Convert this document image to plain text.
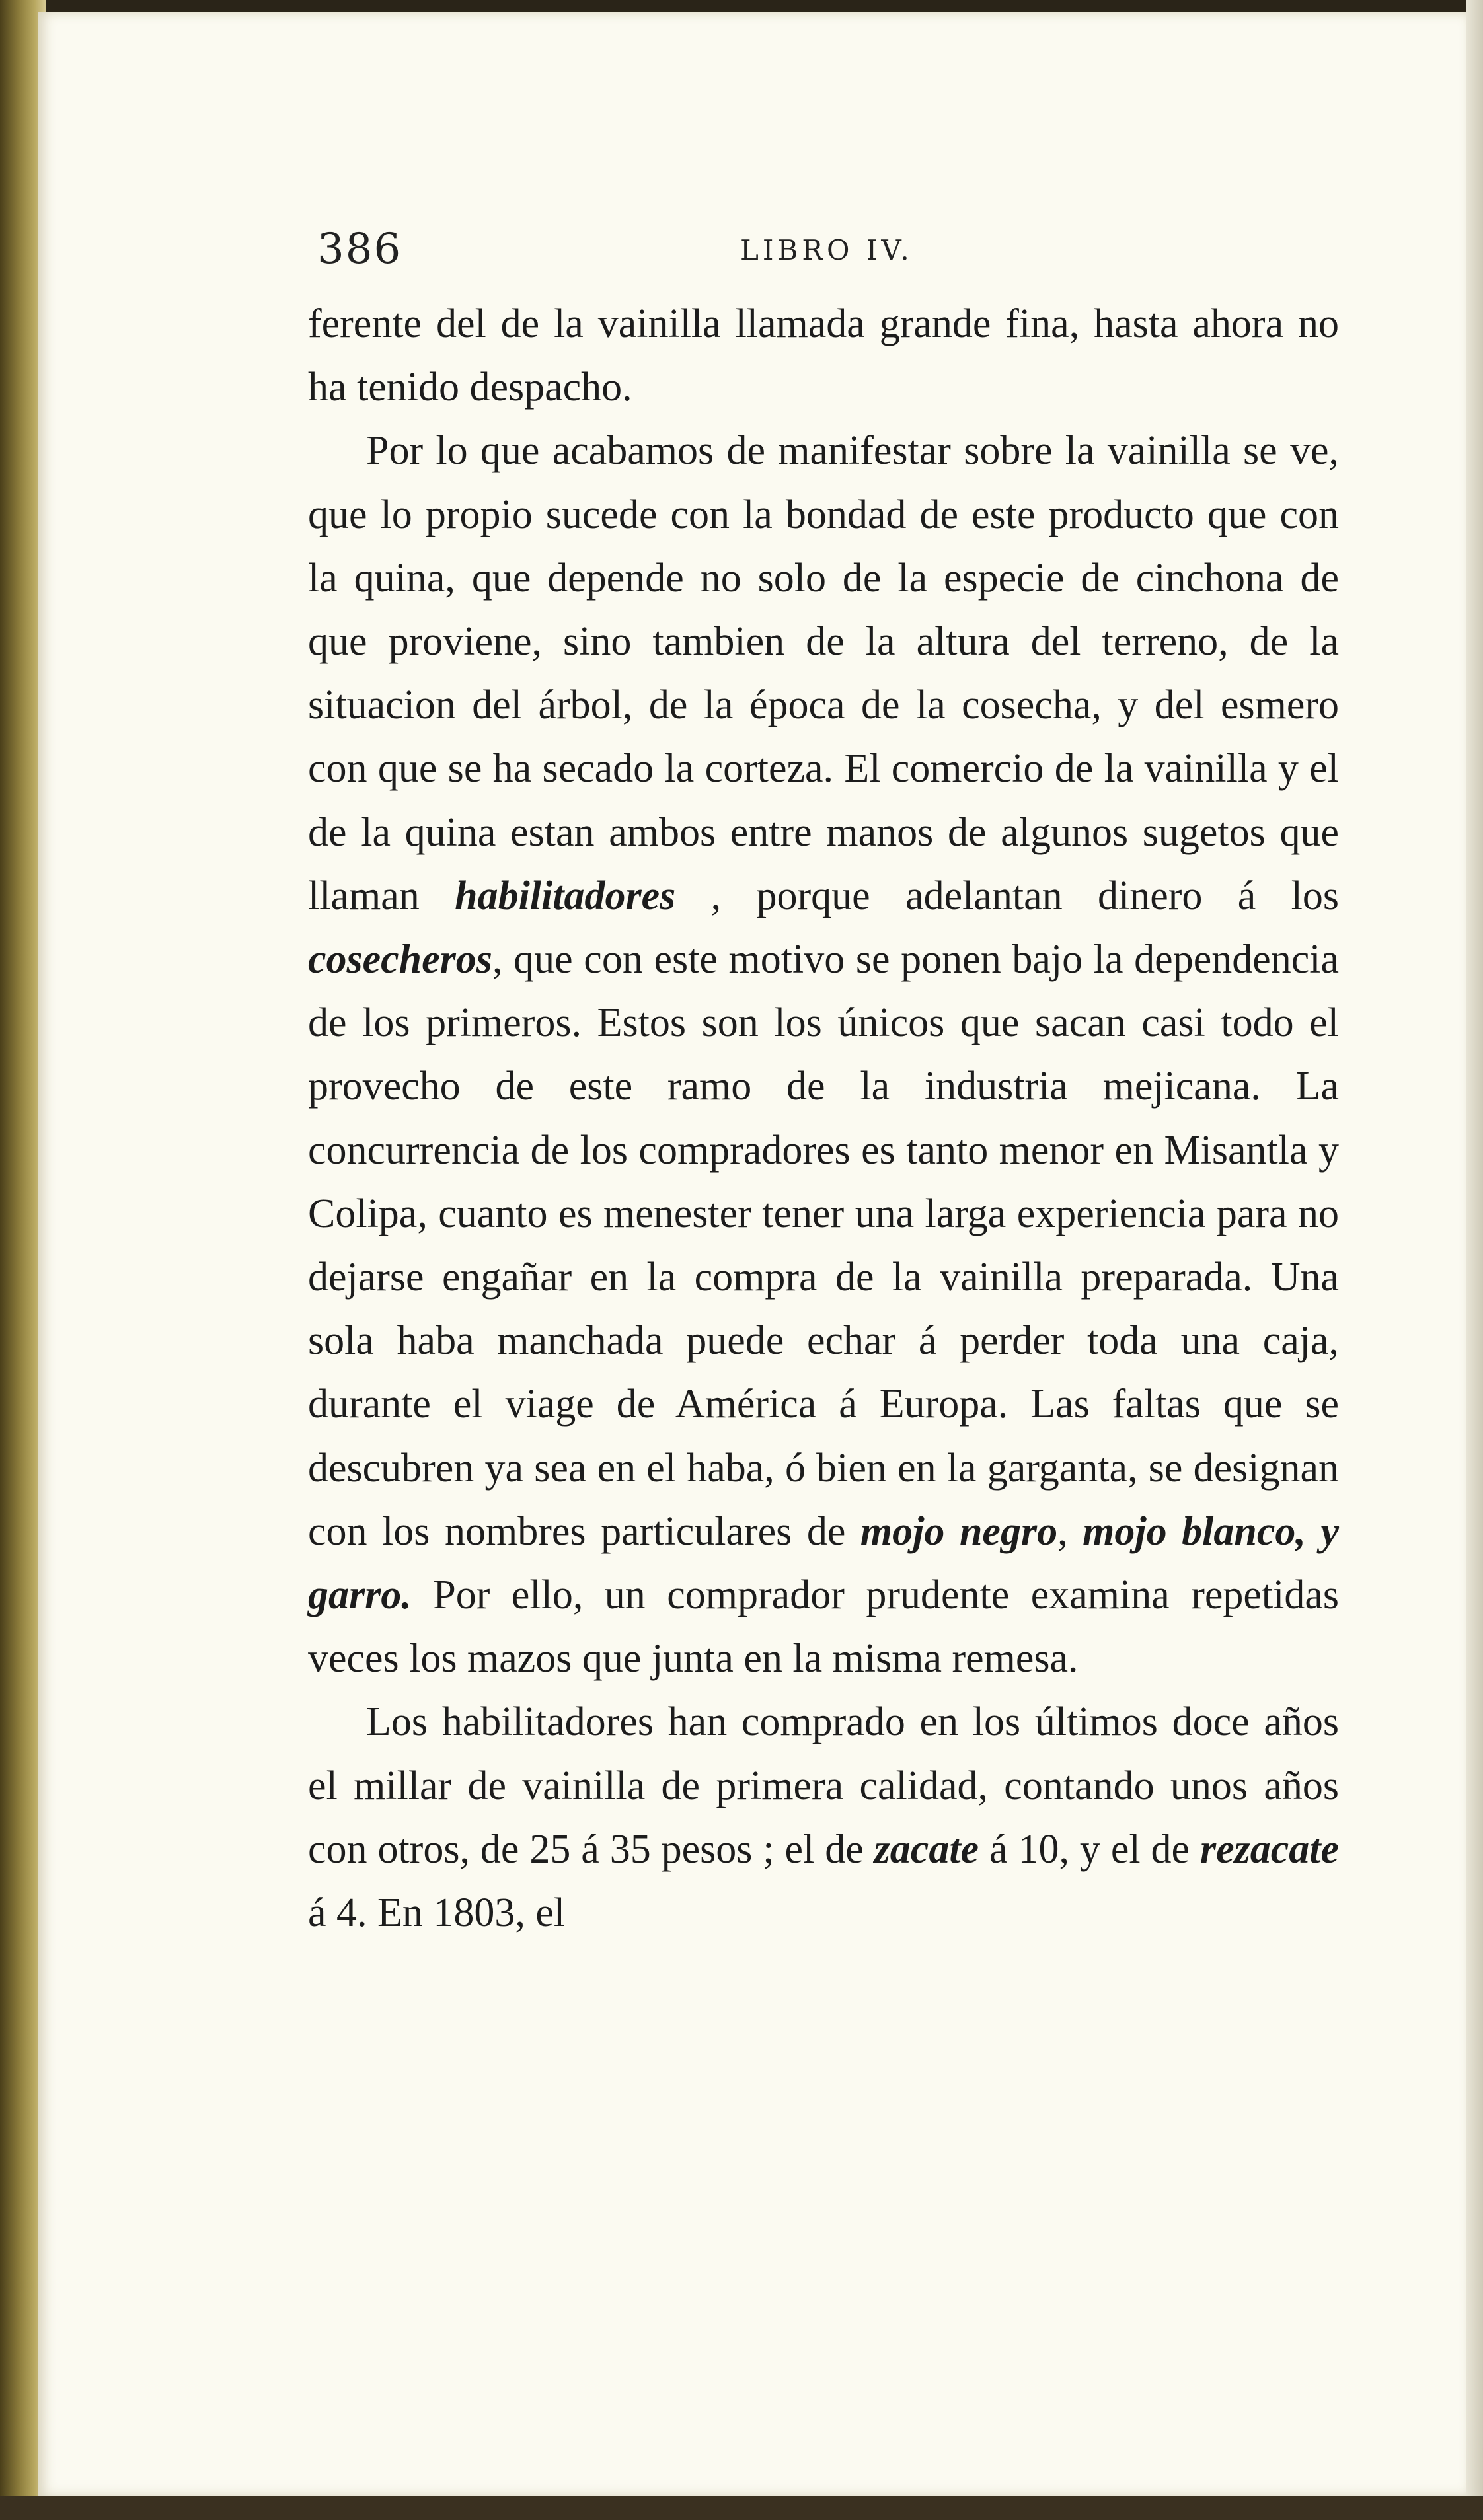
386	LIBRO IV.

ferente del de la vainilla llamada grande fina, hasta ahora no ha tenido despacho.

Por lo que acabamos de manifestar sobre la vainilla se ve, que lo propio sucede con la bondad de este producto que con la quina, que depende no solo de la especie de cinchona de que proviene, sino tambien de la altura del terreno, de la situacion del árbol, de la época de la cosecha, y del esmero con que se ha secado la corteza. El comercio de la vainilla y el de la quina estan ambos entre manos de algunos sugetos que llaman habilitadores , porque adelantan dinero á los cosecheros, que con este motivo se ponen bajo la dependencia de los primeros. Estos son los únicos que sacan casi todo el provecho de este ramo de la industria mejicana. La concurrencia de los compradores es tanto menor en Misantla y Colipa, cuanto es menester tener una larga experiencia para no dejarse engañar en la compra de la vainilla preparada. Una sola haba manchada puede echar á perder toda una caja, durante el viage de América á Europa. Las faltas que se descubren ya sea en el haba, ó bien en la garganta, se designan con los nombres particulares de mojo negro, mojo blanco, y garro. Por ello, un comprador prudente examina repetidas veces los mazos que junta en la misma remesa.

Los habilitadores han comprado en los últimos doce años el millar de vainilla de primera calidad, contando unos años con otros, de 25 á 35 pesos ; el de zacate á 10, y el de rezacate á 4. En 1803, el
